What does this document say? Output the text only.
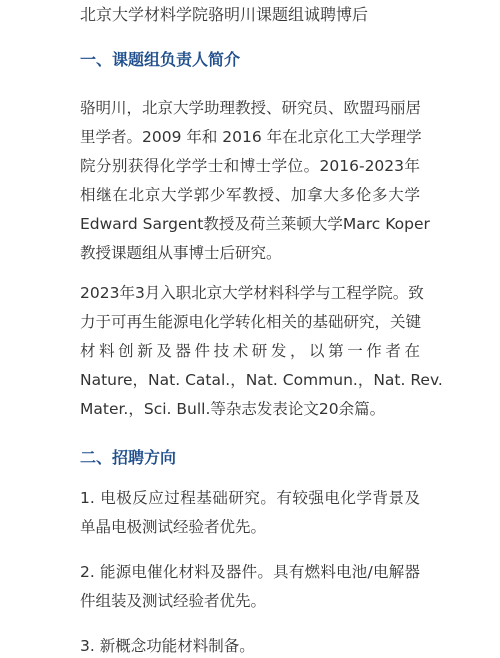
北京大学材料学院骆明川课题组诚聘博后
一、课题组负责人简介
骆明川，北京大学助理教授、研究员、欧盟玛丽居
里学者。2009 年和 2016 年在北京化工大学理学
院分别获得化学学士和博士学位。2016-2023年
相继在北京大学郭少军教授、加拿大多伦多大学
Edward Sargent教授及荷兰莱顿大学Marc Koper
教授课题组从事博士后研究。
2023年3月入职北京大学材料科学与工程学院。致
力于可再生能源电化学转化相关的基础研究，关键
材料创新及器件技术研发，以第一作者在
Nature，Nat. Catal.，Nat. Commun.，Nat. Rev.
Mater.，Sci. Bull.等杂志发表论文20余篇。
二、招聘方向
1. 电极反应过程基础研究。有较强电化学背景及
单晶电极测试经验者优先。
2. 能源电催化材料及器件。具有燃料电池/电解器
件组装及测试经验者优先。
3. 新概念功能材料制备。
